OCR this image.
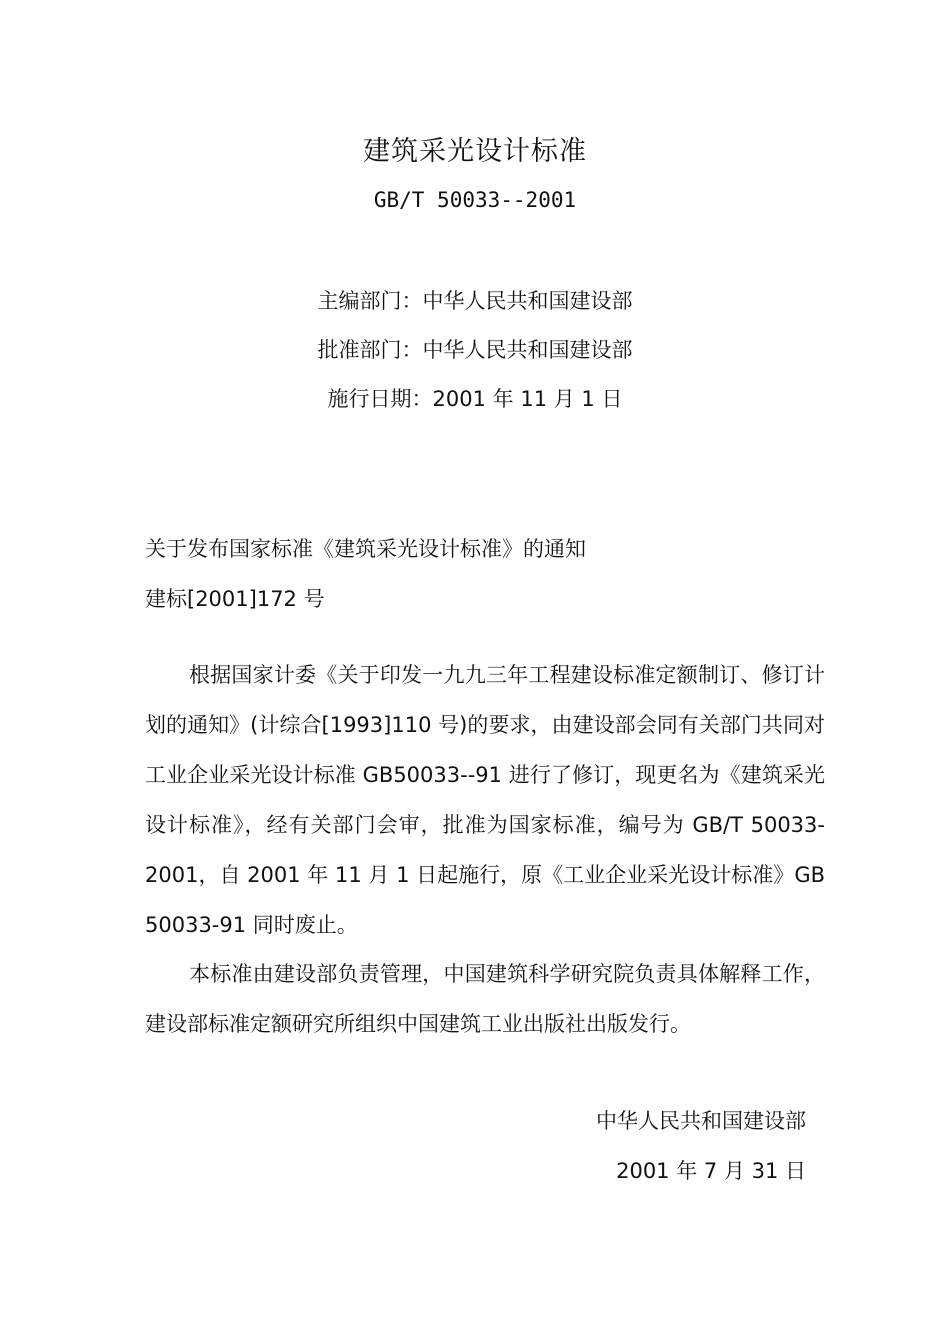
建筑采光设计标准
GB/T 50033--2001
主编部门：中华人民共和国建设部
批准部门：中华人民共和国建设部
施行日期：2001 年 11 月 1 日
关于发布国家标准《建筑采光设计标准》的通知
建标[2001]172 号

根据国家计委《关于印发一九九三年工程建设标准定额制订、修订计划的通知》(计综合[1993]110 号)的要求，由建设部会同有关部门共同对工业企业采光设计标准 GB50033--91 进行了修订，现更名为《建筑采光设计标准》，经有关部门会审，批准为国家标准，编号为 GB/T 50033-2001，自 2001 年 11 月 1 日起施行，原《工业企业采光设计标准》GB 50033-91 同时废止。

本标准由建设部负责管理，中国建筑科学研究院负责具体解释工作，建设部标准定额研究所组织中国建筑工业出版社出版发行。

中华人民共和国建设部
2001 年 7 月 31 日
